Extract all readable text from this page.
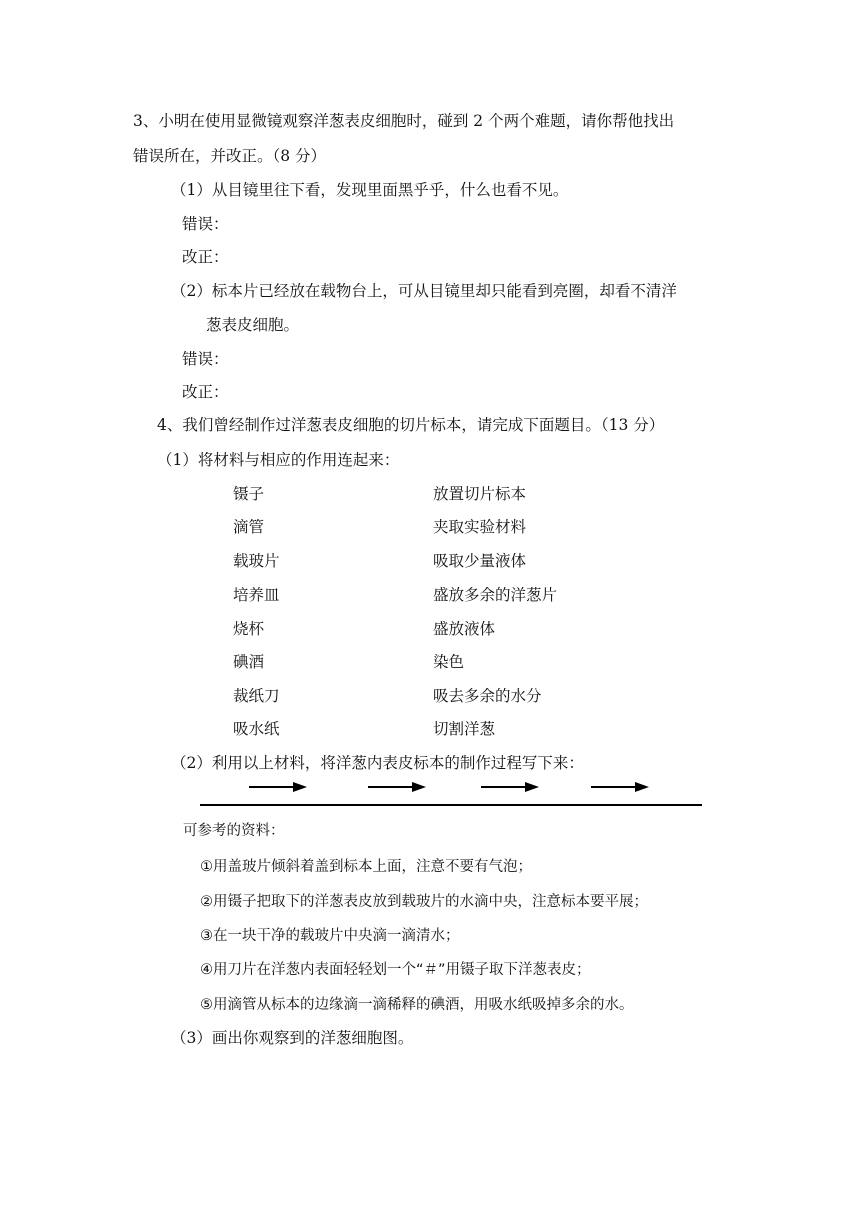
3、小明在使用显微镜观察洋葱表皮细胞时，碰到 2 个两个难题，请你帮他找出
错误所在，并改正。（8 分）
（1）从目镜里往下看，发现里面黑乎乎，什么也看不见。
错误：
改正：
（2）标本片已经放在载物台上，可从目镜里却只能看到亮圈，却看不清洋
葱表皮细胞。
错误：
改正：
4、我们曾经制作过洋葱表皮细胞的切片标本，请完成下面题目。（13 分）
（1）将材料与相应的作用连起来：
镊子	放置切片标本
滴管	夹取实验材料
载玻片	吸取少量液体
培养皿	盛放多余的洋葱片
烧杯	盛放液体
碘酒	染色
裁纸刀	吸去多余的水分
吸水纸	切割洋葱
（2）利用以上材料，将洋葱内表皮标本的制作过程写下来：
可参考的资料：
①用盖玻片倾斜着盖到标本上面，注意不要有气泡；
②用镊子把取下的洋葱表皮放到载玻片的水滴中央，注意标本要平展；
③在一块干净的载玻片中央滴一滴清水；
④用刀片在洋葱内表面轻轻划一个“＃”用镊子取下洋葱表皮；
⑤用滴管从标本的边缘滴一滴稀释的碘酒，用吸水纸吸掉多余的水。
（3）画出你观察到的洋葱细胞图。
